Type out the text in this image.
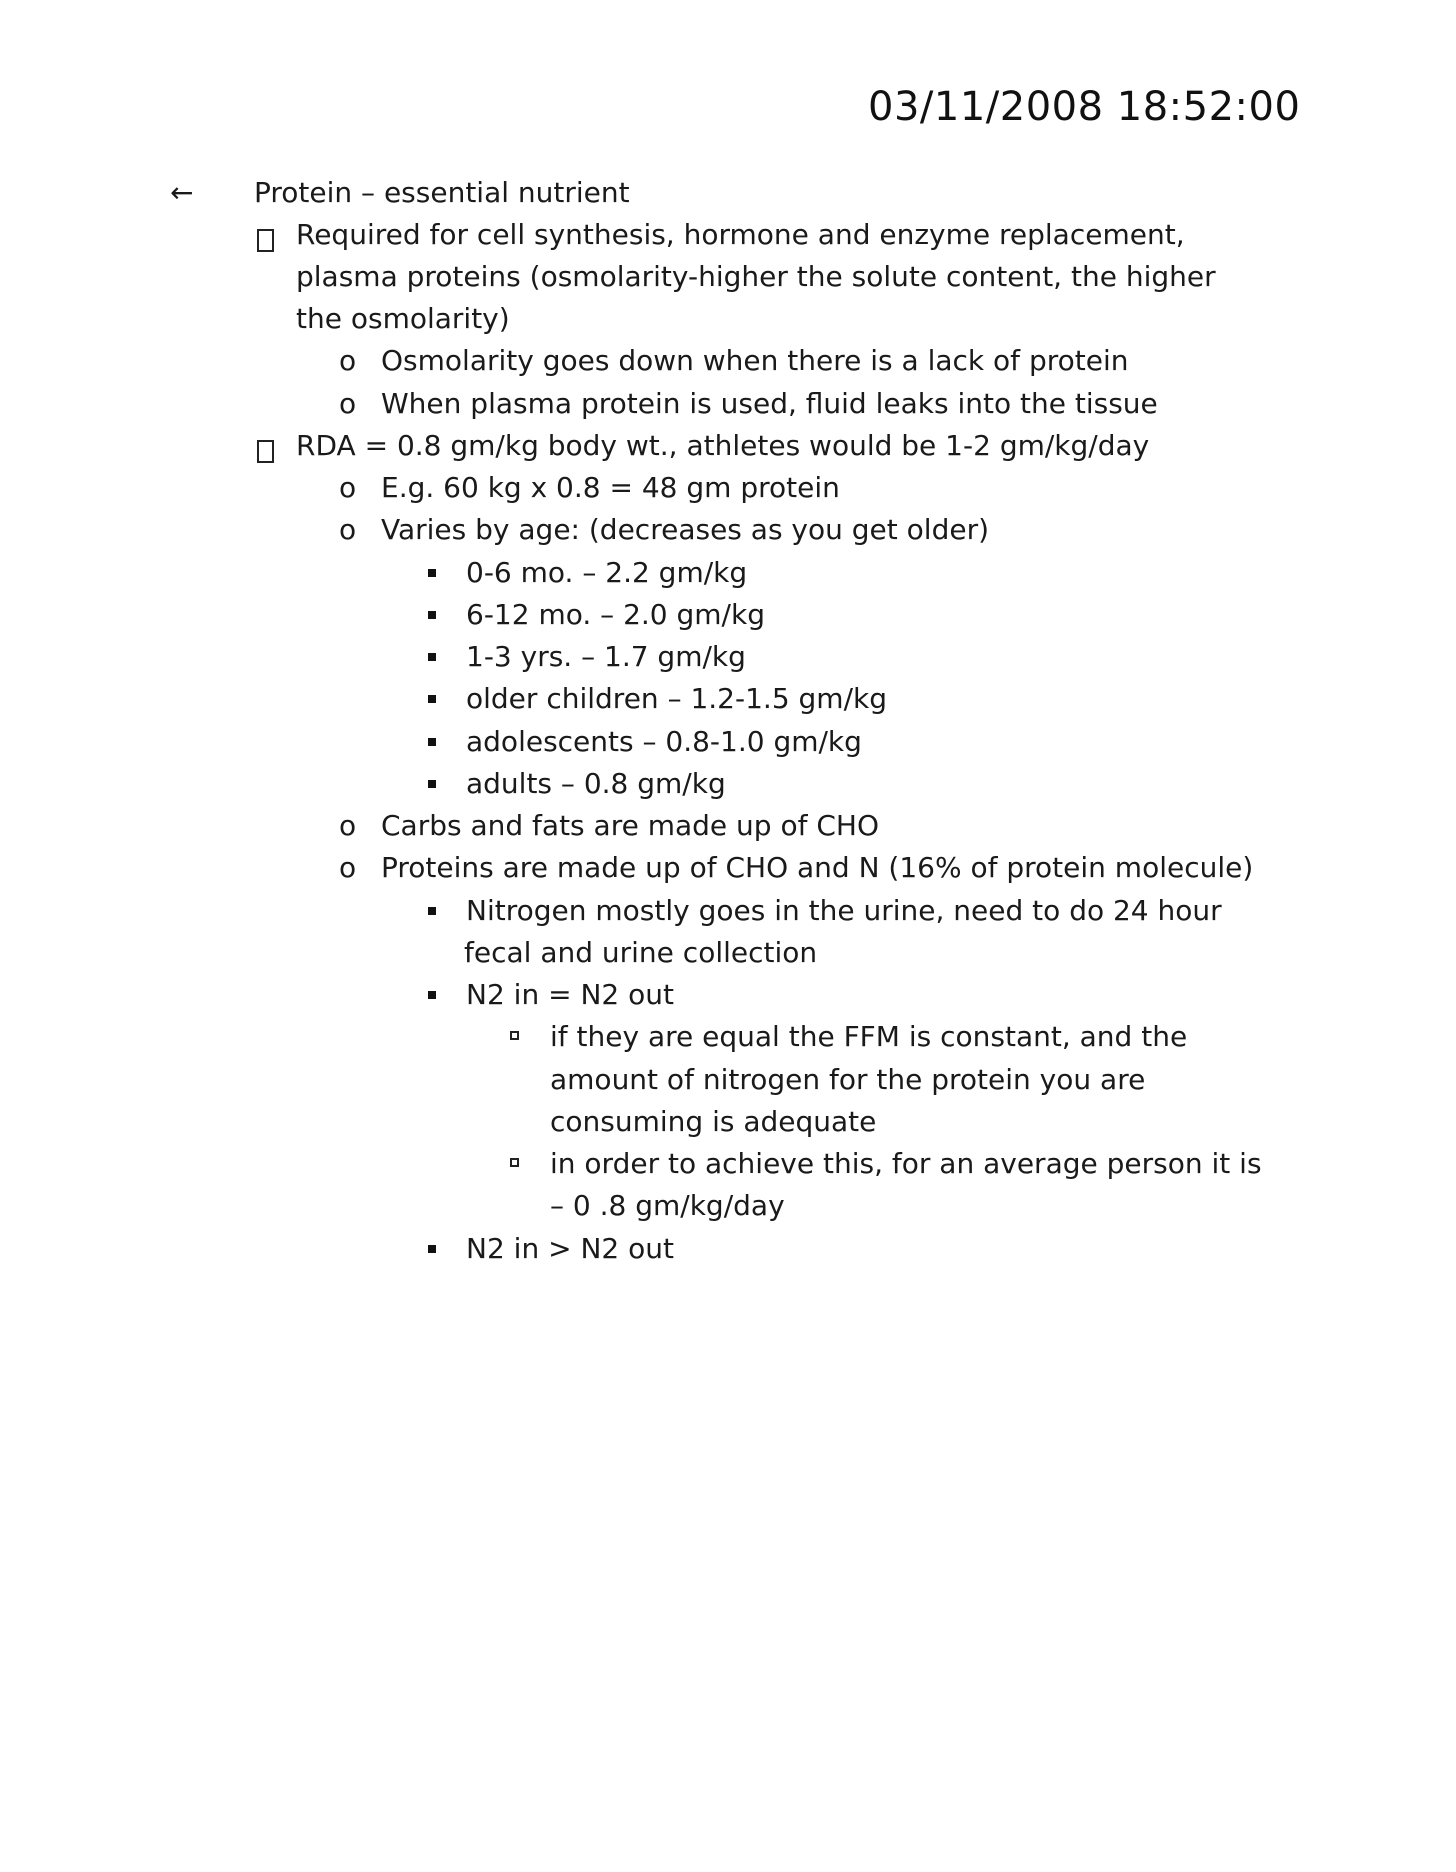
03/11/2008 18:52:00
← Protein – essential nutrient
Required for cell synthesis, hormone and enzyme replacement,
plasma proteins (osmolarity-higher the solute content, the higher
the osmolarity)
o Osmolarity goes down when there is a lack of protein
o When plasma protein is used, fluid leaks into the tissue
RDA = 0.8 gm/kg body wt., athletes would be 1-2 gm/kg/day
o E.g. 60 kg x 0.8 = 48 gm protein
o Varies by age: (decreases as you get older)
0-6 mo. – 2.2 gm/kg
6-12 mo. – 2.0 gm/kg
1-3 yrs. – 1.7 gm/kg
older children – 1.2-1.5 gm/kg
adolescents – 0.8-1.0 gm/kg
adults – 0.8 gm/kg
o Carbs and fats are made up of CHO
o Proteins are made up of CHO and N (16% of protein molecule)
Nitrogen mostly goes in the urine, need to do 24 hour
fecal and urine collection
N2 in = N2 out
if they are equal the FFM is constant, and the
amount of nitrogen for the protein you are
consuming is adequate
in order to achieve this, for an average person it is
– 0 .8 gm/kg/day
N2 in > N2 out
